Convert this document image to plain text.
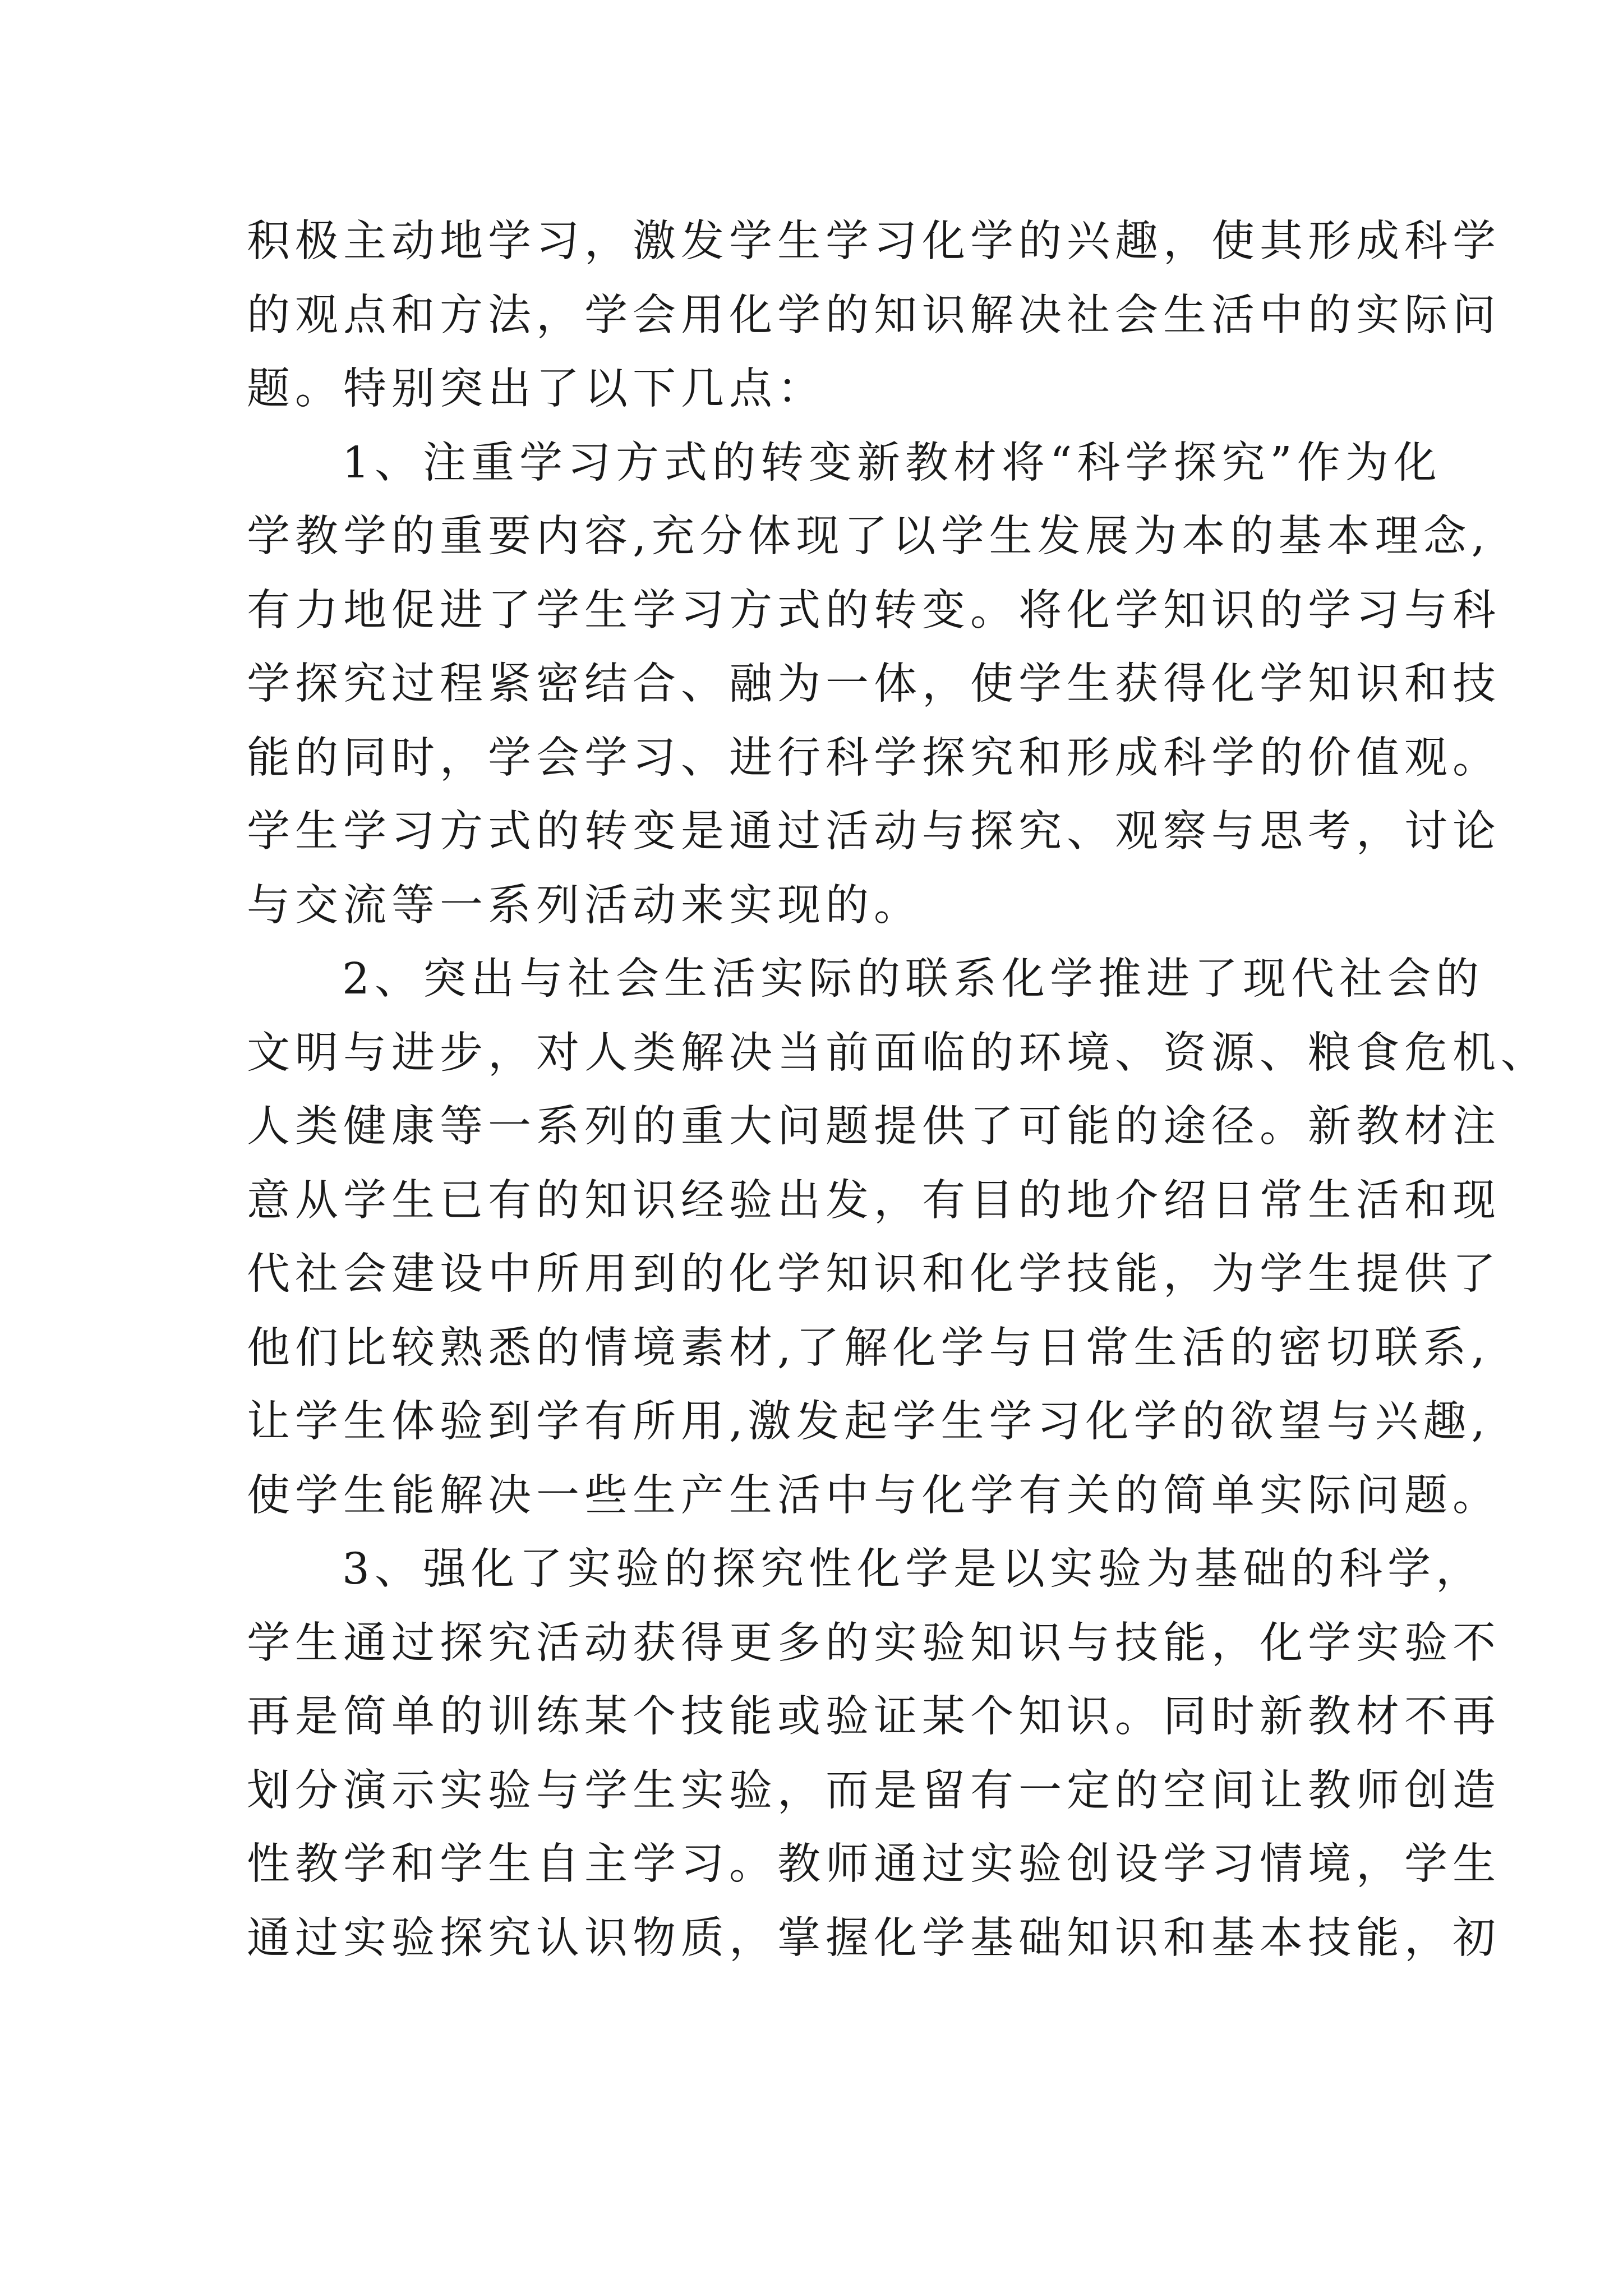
积极主动地学习，激发学生学习化学的兴趣，使其形成科学
的观点和方法，学会用化学的知识解决社会生活中的实际问
题。特别突出了以下几点：

1、注重学习方式的转变新教材将“科学探究”作为化
学教学的重要内容,充分体现了以学生发展为本的基本理念,
有力地促进了学生学习方式的转变。将化学知识的学习与科
学探究过程紧密结合、融为一体，使学生获得化学知识和技
能的同时，学会学习、进行科学探究和形成科学的价值观。
学生学习方式的转变是通过活动与探究、观察与思考，讨论
与交流等一系列活动来实现的。

2、突出与社会生活实际的联系化学推进了现代社会的
文明与进步，对人类解决当前面临的环境、资源、粮食危机、
人类健康等一系列的重大问题提供了可能的途径。新教材注
意从学生已有的知识经验出发，有目的地介绍日常生活和现
代社会建设中所用到的化学知识和化学技能，为学生提供了
他们比较熟悉的情境素材,了解化学与日常生活的密切联系,
让学生体验到学有所用,激发起学生学习化学的欲望与兴趣,
使学生能解决一些生产生活中与化学有关的简单实际问题。

3、强化了实验的探究性化学是以实验为基础的科学，
学生通过探究活动获得更多的实验知识与技能，化学实验不
再是简单的训练某个技能或验证某个知识。同时新教材不再
划分演示实验与学生实验，而是留有一定的空间让教师创造
性教学和学生自主学习。教师通过实验创设学习情境，学生
通过实验探究认识物质，掌握化学基础知识和基本技能，初
